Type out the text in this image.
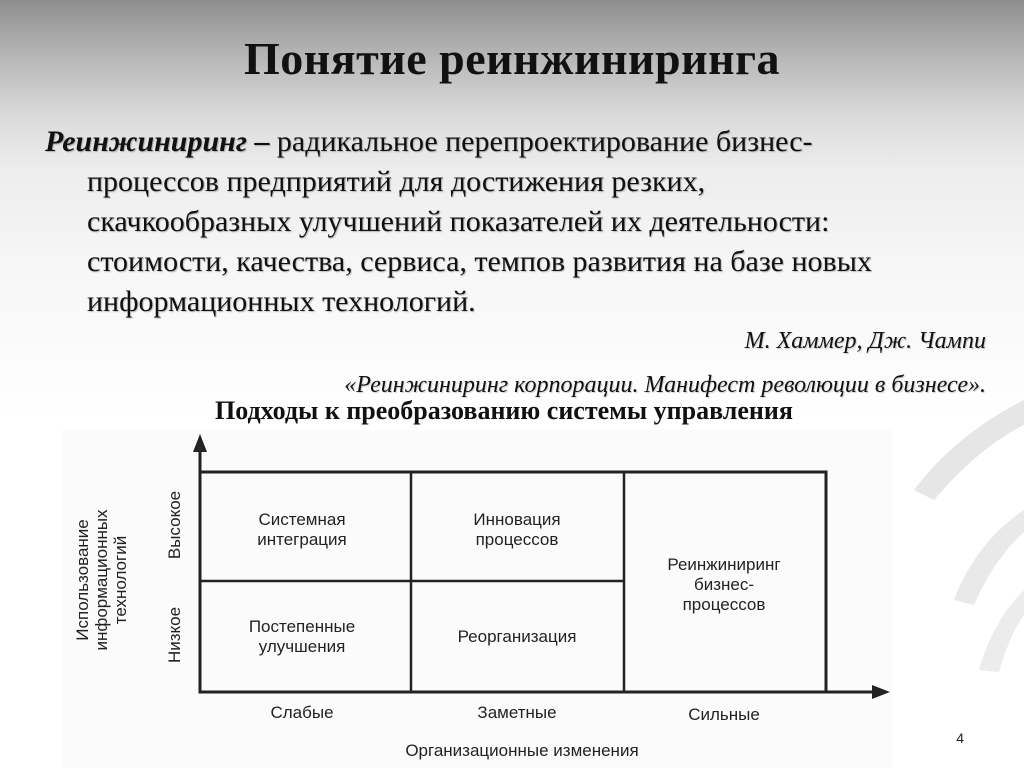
Понятие реинжиниринга
Реинжиниринг – радикальное перепроектирование бизнес-
процессов предприятий для достижения резких,
скачкообразных улучшений показателей их деятельности:
стоимости, качества, сервиса, темпов развития на базе новых
информационных технологий.
М. Хаммер, Дж. Чампи
«Реинжиниринг корпорации. Манифест революции в бизнесе».
Подходы к преобразованию системы управления
Использование информационных технологий
Высокое
Низкое
Системная
интеграция
Инновация
процессов
Реинжиниринг
бизнес-
процессов
Постепенные
улучшения
Реорганизация
Слабые	Заметные	Сильные
Организационные изменения
4
